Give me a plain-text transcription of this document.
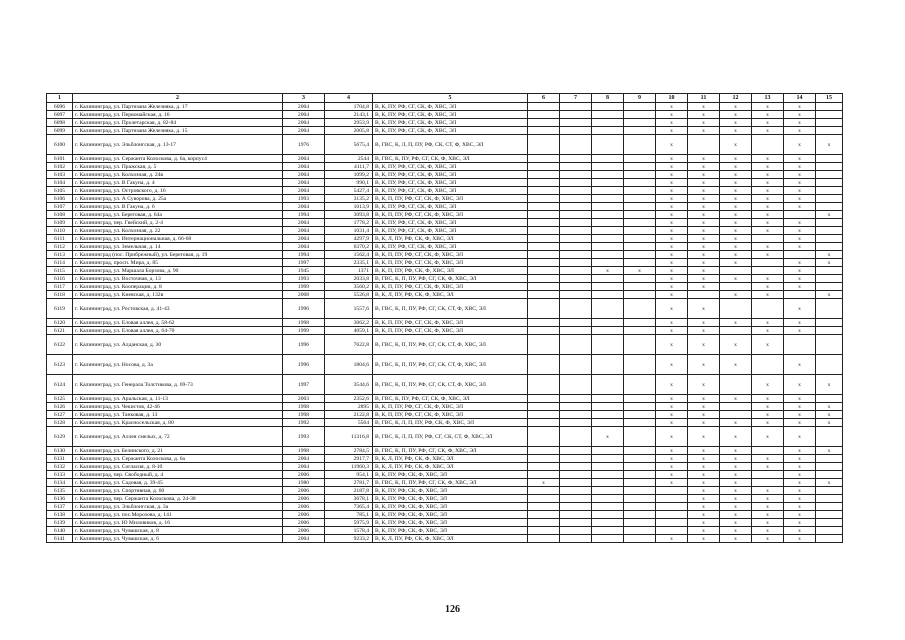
1	2	3	4	5	6	7	8	9	10	11	12	13	14	15
6096	г. Калининград, ул. Партизана Железняка, д. 17	2004	1704,8	В, К, ПУ, РФ, СГ, СК, Ф, ХВС, ЭЛ					x	x	x	x	x	
6097	г. Калининград, ул. Первомайская, д. 16	2004	2143,1	В, К, ПУ, РФ, СГ, СК, Ф, ХВС, ЭЛ					x	x	x	x	x	
6098	г. Калининград, ул. Пролетарская, д. 82-84	2004	2953,9	В, К, ПУ, РФ, СГ, СК, Ф, ХВС, ЭЛ					x	x	x	x	x	
6099	г. Калининград, ул. Партизана Железняка, д. 15	2004	2005,8	В, К, ПУ, РФ, СГ, СК, Ф, ХВС, ЭЛ					x	x	x	x	x	
6100	г. Калининград, ул. Эльблонгская, д. 13-17	1976	5675,4	В, ГВС, К, Л, П, ПУ, РФ, СК, СТ, Ф, ХВС, ЭЛ					x		x		x	x
6101	г. Калининград, ул. Сержанта Колоскова, д. 6а, корпус4	2004	2544	В, ГВС, К, ПУ, РФ, СГ, СК, Ф, ХВС, ЭЛ					x	x	x	x	x	
6102	г. Калининград, ул. Пражская, д. 5	2004	4111,7	В, К, ПУ, РФ, СГ, СК, Ф, ХВС, ЭЛ					x	x	x	x	x	
6103	г. Калининград, ул. Колхозная, д. 24в	2004	1099,2	В, К, ПУ, РФ, СГ, СК, Ф, ХВС, ЭЛ					x	x	x	x	x	
6104	г. Калининград, ул. В Гакуна, д. 4	2004	990,1	В, К, ПУ, РФ, СГ, СК, Ф, ХВС, ЭЛ					x	x	x	x	x	
6105	г. Калининград, ул. Островского, д. 16	2004	5427,4	В, К, ПУ, РФ, СГ, СК, Ф, ХВС, ЭЛ					x	x	x	x	x	
6106	г. Калининград, ул. А Суворова, д. 25а	1993	3135,2	В, К, П, ПУ, РФ, СГ, СК, Ф, ХВС, ЭЛ					x	x	x	x	x	
6107	г. Калининград, ул. В Гакуна, д. 6	2004	1013,9	В, К, ПУ, РФ, СГ, СК, Ф, ХВС, ЭЛ					x	x	x	x	x	
6108	г. Калининград, ул. Береговая, д. 64а	1994	3093,8	В, К, П, ПУ, РФ, СГ, СК, Ф, ХВС, ЭЛ					x	x	x	x		x
6109	г. Калининград, пер. Гвейский, д. 2-4	2004	1778,2	В, К, ПУ, РФ, СГ, СК, Ф, ХВС, ЭЛ					x	x	x	x	x	
6110	г. Калининград, ул. Колхозная, д. 22	2004	1031,4	В, К, ПУ, РФ, СГ, СК, Ф, ХВС, ЭЛ					x	x	x	x	x	
6111	г. Калининград, ул. Интернациональная, д. 66-68	2004	4297,9	В, К, Л, ПУ, РФ, СК, Ф, ХВС, ЭЛ					x	x	x		x	
6112	г. Калининград, ул. Земельная, д. 14	2004	6370,2	В, К, ПУ, РФ, СГ, СК, Ф, ХВС, ЭЛ					x	x	x	x	x	
6113	г. Калининград (пос. Прибрежный), ул. Береговая, д. 19	1994	1562,4	В, К, П, ПУ, РФ, СГ, СК, Ф, ХВС, ЭЛ					x	x	x	x		x
6114	г. Калининград, просп. Мира, д. 85	1997	2335,1	В, К, П, ПУ, РФ, СГ, СК, Ф, ХВС, ЭЛ					x	x	x		x	x
6115	г. Калининград, ул. Маршала Борзова, д. 90	1945	1371	В, К, П, ПУ, РФ, СК, Ф, ХВС, ЭЛ			x	x	x	x			x	
6116	г. Калининград, ул. Восточная, д. 13	1993	2033,8	В, ГВС, К, П, ПУ, РФ, СГ, СК, Ф, ХВС, ЭЛ					x	x	x	x	x	
6117	г. Калининград, ул. Кооперации, д. 8	1999	3560,2	В, К, П, ПУ, РФ, СГ, СК, Ф, ХВС, ЭЛ					x	x		x	x	
6118	г. Калининград, ул. Киевская, д. 132в	2008	5526,8	В, К, Л, ПУ, РФ, СК, Ф, ХВС, ЭЛ					x		x	x		x
6119	г. Калининград, ул. Ростовская, д. 41-43	1996	1557,6	В, ГВС, К, П, ПУ, РФ, СГ, СК, СТ, Ф, ХВС, ЭЛ					x	x			x	
6120	г. Калининград, ул. Еловая аллея, д. 58-62	1998	3062,2	В, К, П, ПУ, РФ, СГ, СК, Ф, ХВС, ЭЛ					x	x	x	x	x	
6121	г. Калининград, ул. Еловая аллея, д. 64-70	1999	4059,1	В, К, П, ПУ, РФ, СГ, СК, Ф, ХВС, ЭЛ					x	x		x	x	
6122	г. Калининград, ул. Алданская, д. 30	1996	7622,8	В, ГВС, К, П, ПУ, РФ, СГ, СК, СТ, Ф, ХВС, ЭЛ					x	x	x	x		
6123	г. Калининград, ул. Носова, д. 3а	1996	1804,6	В, ГВС, К, П, ПУ, РФ, СГ, СК, СТ, Ф, ХВС, ЭЛ					x	x	x		x	
6124	г. Калининград, ул. Генерала Толстикова, д. 69-73	1997	3544,6	В, ГВС, К, П, ПУ, РФ, СГ, СК, СТ, Ф, ХВС, ЭЛ					x	x		x	x	x
6125	г. Калининград, ул. Аральская, д. 11-13	2003	2352,6	В, ГВС, К, ПУ, РФ, СГ, СК, Ф, ХВС, ЭЛ					x	x	x	x	x	
6126	г. Калининград, ул. Чекистов, 42-46	1998	2895	В, К, П, ПУ, РФ, СГ, СК, Ф, ХВС, ЭЛ					x	x		x	x	x
6127	г. Калининград, ул. Танковая, д. 13	1998	2122,8	В, К, П, ПУ, РФ, СГ, СК, Ф, ХВС, ЭЛ					x	x		x	x	x
6128	г. Калининград, ул. Красносельская, д. 80	1992	5564	В, ГВС, К, Л, П, ПУ, РФ, СК, Ф, ХВС, ЭЛ					x	x	x	x	x	x
6129	г. Калининград, ул. Аллея смелых, д. 72	1993	11316,8	В, ГВС, К, Л, П, ПУ, РФ, СГ, СК, СТ, Ф, ХВС, ЭЛ			x		x	x	x	x	x	
6130	г. Калининград, ул. Белинского, д. 21	1998	2784,5	В, ГВС, К, П, ПУ, РФ, СГ, СК, Ф, ХВС, ЭЛ					x	x	x		x	x
6131	г. Калининград, ул. Сержанта Колоскова, д. 6а	2004	2917,7	В, К, Л, ПУ, РФ, СК, Ф, ХВС, ЭЛ					x	x	x	x	x	
6132	г. Калининград, ул. Согласия, д. 8-10	2004	11960,3	В, К, Л, ПУ, РФ, СК, Ф, ХВС, ЭЛ					x	x	x	x	x	
6133	г. Калининград, пер. Свободный, д. 4	2006	954,1	В, К, ПУ, РФ, СК, Ф, ХВС, ЭЛ					x	x	x		x	
6134	г. Калининград, ул. Садовая, д. 39-45	1980	2781,7	В, ГВС, К, П, ПУ, РФ, СГ, СК, Ф, ХВС, ЭЛ	x				x	x	x		x	x
6135	г. Калининград, ул. Спортивная, д. 60	2006	2187,8	В, К, ПУ, РФ, СК, Ф, ХВС, ЭЛ						x	x	x	x	
6136	г. Калининград, пер. Сержанта Колоскова, д. 24-38	2006	3678,1	В, К, ПУ, РФ, СК, Ф, ХВС, ЭЛ						x	x	x	x	
6137	г. Калининград, ул. Эльблонгская, д. 3а	2006	7365,4	В, К, ПУ, РФ, СК, Ф, ХВС, ЭЛ						x	x	x	x	
6138	г. Калининград, ул. пос.Морозова, д. 141	2006	785,1	В, К, ПУ, РФ, СК, Ф, ХВС, ЭЛ						x	x	x	x	
6139	г. Калининград, ул. Ю Миловиков, д. 16	2006	5975,9	В, К, ПУ, РФ, СК, Ф, ХВС, ЭЛ						x	x	x	x	
6140	г. Калининград, ул. Чувашская, д. 8	2006	1578,4	В, К, ПУ, РФ, СК, Ф, ХВС, ЭЛ						x	x	x	x	
6141	г. Калининград, ул. Чувашская, д. 6	2004	9233,2	В, К, Л, ПУ, РФ, СК, Ф, ХВС, ЭЛ					x	x	x	x	x	
126
